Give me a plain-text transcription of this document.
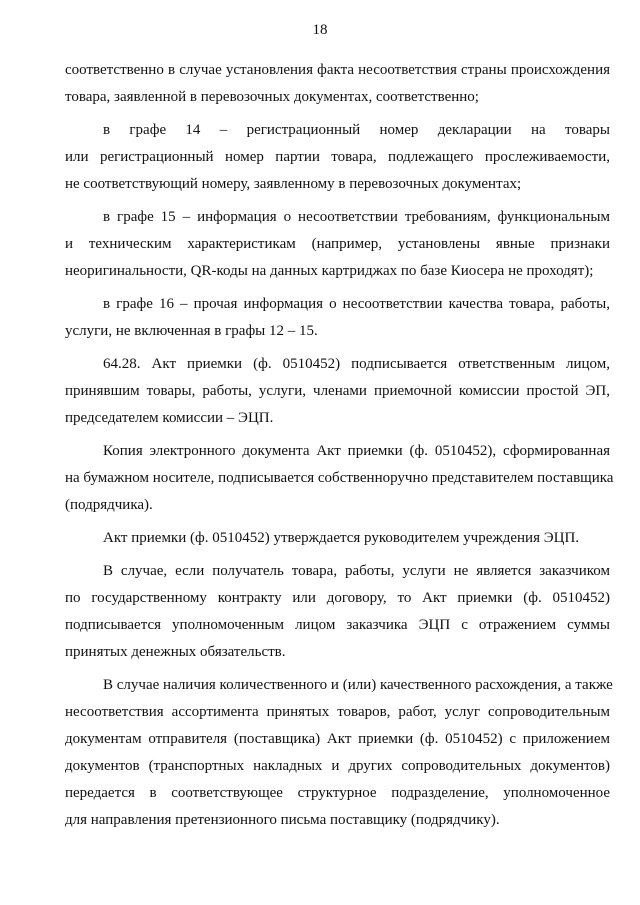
18
соответственно в случае установления факта несоответствия страны происхождения
товара, заявленной в перевозочных документах, соответственно;
в графе 14 – регистрационный номер декларации на товары
или регистрационный номер партии товара, подлежащего прослеживаемости,
не соответствующий номеру, заявленному в перевозочных документах;
в графе 15 – информация о несоответствии требованиям, функциональным
и техническим характеристикам (например, установлены явные признаки
неоригинальности, QR-коды на данных картриджах по базе Киосера не проходят);
в графе 16 – прочая информация о несоответствии качества товара, работы,
услуги, не включенная в графы 12 – 15.
64.28. Акт приемки (ф. 0510452) подписывается ответственным лицом,
принявшим товары, работы, услуги, членами приемочной комиссии простой ЭП,
председателем комиссии – ЭЦП.
Копия электронного документа Акт приемки (ф. 0510452), сформированная
на бумажном носителе, подписывается собственноручно представителем поставщика
(подрядчика).
Акт приемки (ф. 0510452) утверждается руководителем учреждения ЭЦП.
В случае, если получатель товара, работы, услуги не является заказчиком
по государственному контракту или договору, то Акт приемки (ф. 0510452)
подписывается уполномоченным лицом заказчика ЭЦП с отражением суммы
принятых денежных обязательств.
В случае наличия количественного и (или) качественного расхождения, а также
несоответствия ассортимента принятых товаров, работ, услуг сопроводительным
документам отправителя (поставщика) Акт приемки (ф. 0510452) с приложением
документов (транспортных накладных и других сопроводительных документов)
передается в соответствующее структурное подразделение, уполномоченное
для направления претензионного письма поставщику (подрядчику).
